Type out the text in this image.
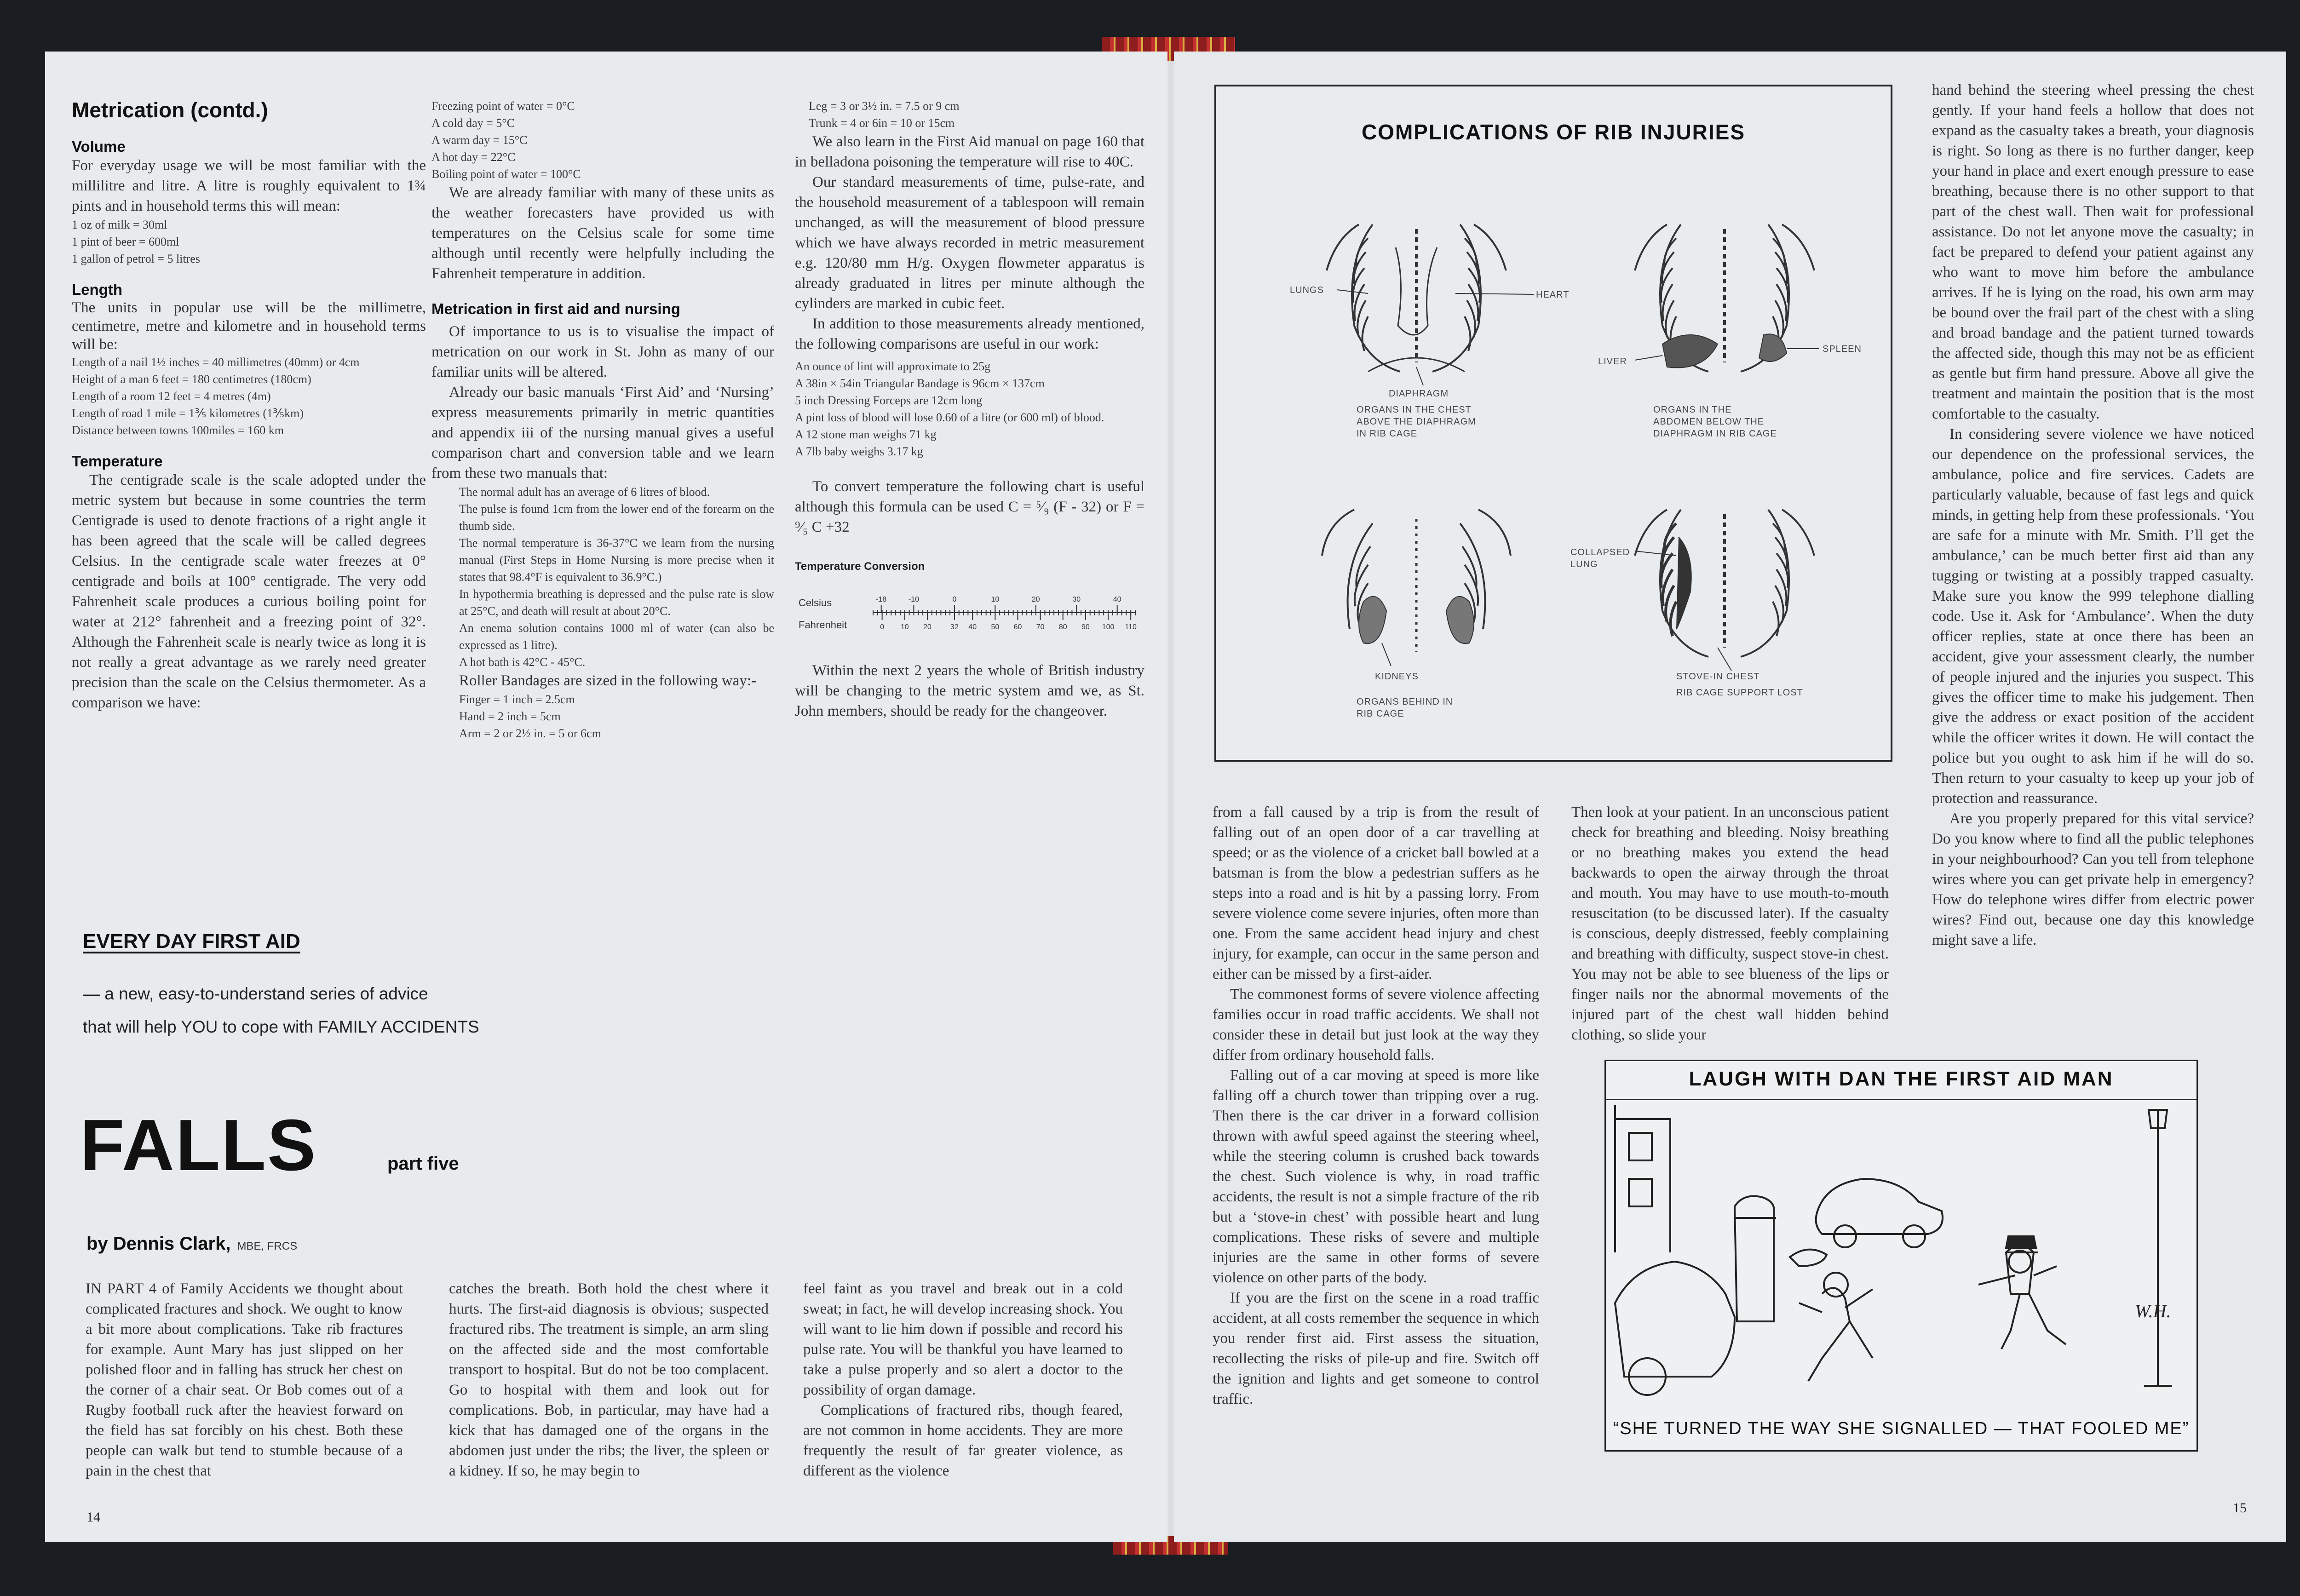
Metrication (contd.)
Volume

For everyday usage we will be most familiar with the millilitre and litre. A litre is roughly equivalent to 1¾ pints and in household terms this will mean:

1 oz of milk = 30ml
1 pint of beer = 600ml
1 gallon of petrol = 5 litres
Length

The units in popular use will be the millimetre, centimetre, metre and kilometre and in household terms will be:

Length of a nail 1½ inches = 40 millimetres (40mm) or 4cm
Height of a man 6 feet = 180 centimetres (180cm)
Length of a room 12 feet = 4 metres (4m)
Length of road 1 mile = 1⅗ kilometres (1⅗km)
Distance between towns 100miles = 160 km
Temperature

The centigrade scale is the scale adopted under the metric system but because in some countries the term Centigrade is used to denote fractions of a right angle it has been agreed that the scale will be called degrees Celsius. In the centigrade scale water freezes at 0° centigrade and boils at 100° centigrade. The very odd Fahrenheit scale produces a curious boiling point for water at 212° fahrenheit and a freezing point of 32°. Although the Fahrenheit scale is nearly twice as long it is not really a great advantage as we rarely need greater precision than the scale on the Celsius thermometer. As a comparison we have:

Freezing point of water = 0°C
A cold day = 5°C
A warm day = 15°C
A hot day = 22°C
Boiling point of water = 100°C

We are already familiar with many of these units as the weather forecasters have provided us with temperatures on the Celsius scale for some time although until recently were helpfully including the Fahrenheit temperature in addition.

Metrication in first aid and nursing

Of importance to us is to visualise the impact of metrication on our work in St. John as many of our familiar units will be altered.

Already our basic manuals ‘First Aid’ and ‘Nursing’ express measurements primarily in metric quantities and appendix iii of the nursing manual gives a useful comparison chart and conversion table and we learn from these two manuals that:

The normal adult has an average of 6 litres of blood.
The pulse is found 1cm from the lower end of the forearm on the thumb side.
The normal temperature is 36-37°C we learn from the nursing manual (First Steps in Home Nursing is more precise when it states that 98.4°F is equivalent to 36.9°C.)
In hypothermia breathing is depressed and the pulse rate is slow at 25°C, and death will result at about 20°C.
An enema solution contains 1000 ml of water (can also be expressed as 1 litre).
A hot bath is 42°C - 45°C.

Roller Bandages are sized in the following way:-

Finger = 1 inch = 2.5cm
Hand = 2 inch = 5cm
Arm = 2 or 2½ in. = 5 or 6cm
Leg = 3 or 3½ in. = 7.5 or 9 cm
Trunk = 4 or 6in = 10 or 15cm

We also learn in the First Aid manual on page 160 that in belladona poisoning the temperature will rise to 40C.

Our standard measurements of time, pulse-rate, and the household measurement of a tablespoon will remain unchanged, as will the measurement of blood pressure which we have always recorded in metric measurement e.g. 120/80 mm H/g. Oxygen flowmeter apparatus is already graduated in litres per minute although the cylinders are marked in cubic feet.

In addition to those measurements already mentioned, the following comparisons are useful in our work:

An ounce of lint will approximate to 25g
A 38in × 54in Triangular Bandage is 96cm × 137cm
5 inch Dressing Forceps are 12cm long
A pint loss of blood will lose 0.60 of a litre (or 600 ml) of blood.
A 12 stone man weighs 71 kg
A 7lb baby weighs 3.17 kg

To convert temperature the following chart is useful although this formula can be used C = ⁵⁄₉ (F - 32) or F = ⁹⁄₅ C +32

Temperature Conversion
Celsius
Fahrenheit
-18	-10	0	10	20	30	40
0 10 20	32 40 50 60 70 80 90 100 110

Within the next 2 years the whole of British industry will be changing to the metric system amd we, as St. John members, should be ready for the changeover.

EVERY DAY FIRST AID
— a new, easy-to-understand series of advice
that will help YOU to cope with FAMILY ACCIDENTS
FALLS	part five
by Dennis Clark, MBE, FRCS

IN PART 4 of Family Accidents we thought about complicated fractures and shock. We ought to know a bit more about complications. Take rib fractures for example. Aunt Mary has just slipped on her polished floor and in falling has struck her chest on the corner of a chair seat. Or Bob comes out of a Rugby football ruck after the heaviest forward on the field has sat forcibly on his chest. Both these people can walk but tend to stumble because of a pain in the chest that

catches the breath. Both hold the chest where it hurts. The first-aid diagnosis is obvious; suspected fractured ribs. The treatment is simple, an arm sling on the affected side and the most comfortable transport to hospital. But do not be too complacent. Go to hospital with them and look out for complications. Bob, in particular, may have had a kick that has damaged one of the organs in the abdomen just under the ribs; the liver, the spleen or a kidney. If so, he may begin to

feel faint as you travel and break out in a cold sweat; in fact, he will develop increasing shock. You will want to lie him down if possible and record his pulse rate. You will be thankful you have learned to take a pulse properly and so alert a doctor to the possibility of organ damage.

Complications of fractured ribs, though feared, are not common in home accidents. They are more frequently the result of far greater violence, as different as the violence

14
COMPLICATIONS OF RIB INJURIES
LUNGS	HEART
DIAPHRAGM
ORGANS IN THE CHEST ABOVE THE DIAPHRAGM IN RIB CAGE
LIVER
SPLEEN
ORGANS IN THE ABDOMEN BELOW THE DIAPHRAGM IN RIB CAGE
KIDNEYS
ORGANS BEHIND IN RIB CAGE
COLLAPSED LUNG
STOVE-IN CHEST
RIB CAGE SUPPORT LOST

from a fall caused by a trip is from the result of falling out of an open door of a car travelling at speed; or as the violence of a cricket ball bowled at a batsman is from the blow a pedestrian suffers as he steps into a road and is hit by a passing lorry. From severe violence come severe injuries, often more than one. From the same accident head injury and chest injury, for example, can occur in the same person and either can be missed by a first-aider.

The commonest forms of severe violence affecting families occur in road traffic accidents. We shall not consider these in detail but just look at the way they differ from ordinary household falls.

Falling out of a car moving at speed is more like falling off a church tower than tripping over a rug. Then there is the car driver in a forward collision thrown with awful speed against the steering wheel, while the steering column is crushed back towards the chest. Such violence is why, in road traffic accidents, the result is not a simple fracture of the rib but a ‘stove-in chest’ with possible heart and lung complications. These risks of severe and multiple injuries are the same in other forms of severe violence on other parts of the body.

If you are the first on the scene in a road traffic accident, at all costs remember the sequence in which you render first aid. First assess the situation, recollecting the risks of pile-up and fire. Switch off the ignition and lights and get someone to control traffic.

Then look at your patient. In an unconscious patient check for breathing and bleeding. Noisy breathing or no breathing makes you extend the head backwards to open the airway through the throat and mouth. You may have to use mouth-to-mouth resuscitation (to be discussed later). If the casualty is conscious, deeply distressed, feebly complaining and breathing with difficulty, suspect stove-in chest. You may not be able to see blueness of the lips or finger nails nor the abnormal movements of the injured part of the chest wall hidden behind clothing, so slide your

hand behind the steering wheel pressing the chest gently. If your hand feels a hollow that does not expand as the casualty takes a breath, your diagnosis is right. So long as there is no further danger, keep your hand in place and exert enough pressure to ease breathing, because there is no other support to that part of the chest wall. Then wait for professional assistance. Do not let anyone move the casualty; in fact be prepared to defend your patient against any who want to move him before the ambulance arrives. If he is lying on the road, his own arm may be bound over the frail part of the chest with a sling and broad bandage and the patient turned towards the affected side, though this may not be as efficient as gentle but firm hand pressure. Above all give the treatment and maintain the position that is the most comfortable to the casualty.

In considering severe violence we have noticed our dependence on the professional services, the ambulance, police and fire services. Cadets are particularly valuable, because of fast legs and quick minds, in getting help from these professionals. ‘You are safe for a minute with Mr. Smith. I’ll get the ambulance,’ can be much better first aid than any tugging or twisting at a possibly trapped casualty. Make sure you know the 999 telephone dialling code. Use it. Ask for ‘Ambulance’. When the duty officer replies, state at once there has been an accident, give your assessment clearly, the number of people injured and the injuries you suspect. This gives the officer time to make his judgement. Then give the address or exact position of the accident while the officer writes it down. He will contact the police but you ought to ask him if he will do so. Then return to your casualty to keep up your job of protection and reassurance.

Are you properly prepared for this vital service? Do you know where to find all the public telephones in your neighbourhood? Can you tell from telephone wires where you can get private help in emergency? How do telephone wires differ from electric power wires? Find out, because one day this knowledge might save a life.

LAUGH WITH DAN THE FIRST AID MAN
W.H.
“SHE TURNED THE WAY SHE SIGNALLED — THAT FOOLED ME”
15
